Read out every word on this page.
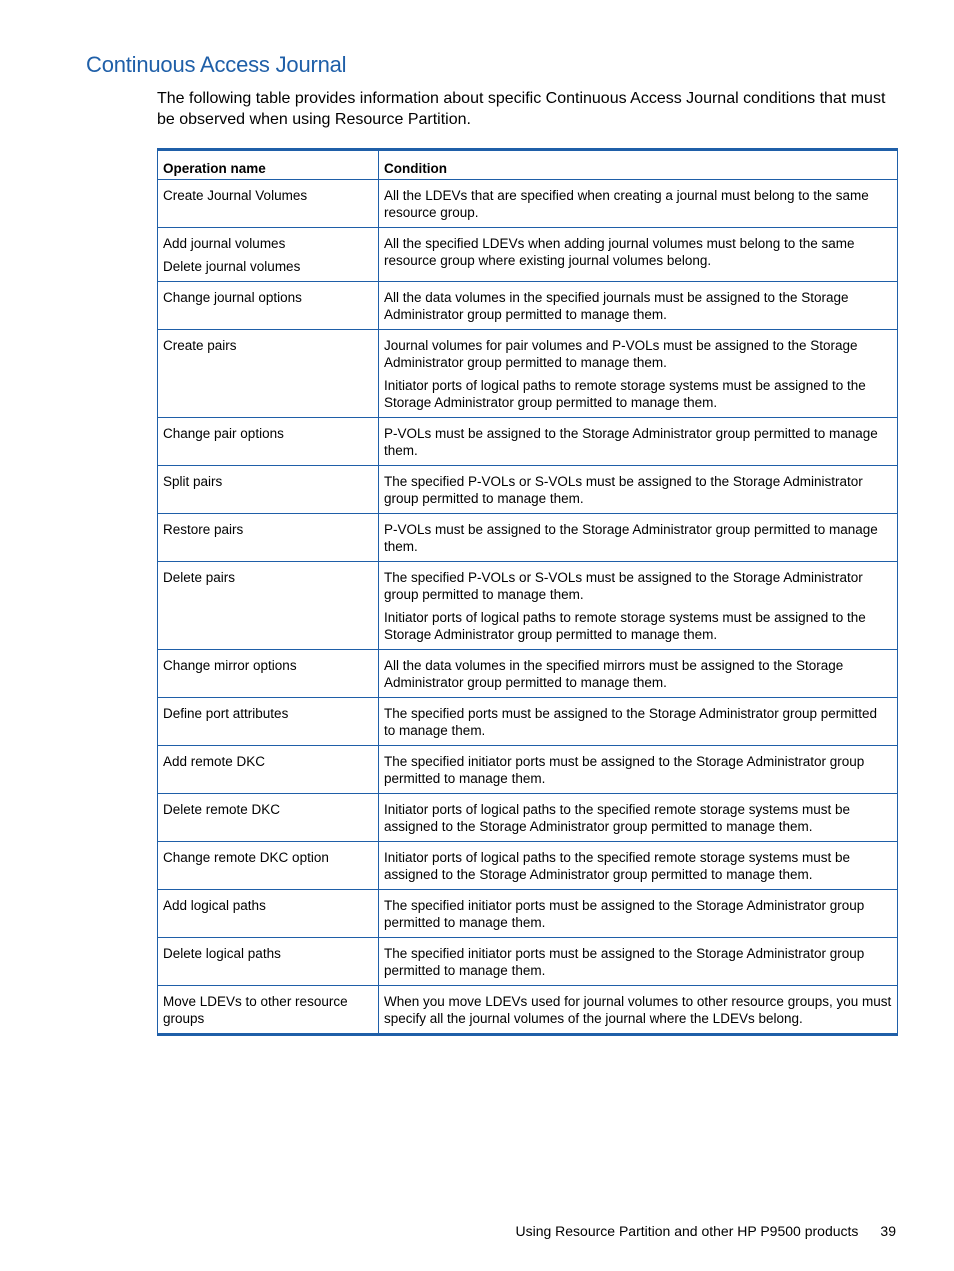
Continuous Access Journal

The following table provides information about specific Continuous Access Journal conditions that must be observed when using Resource Partition.

Operation name	Condition

Create Journal Volumes	All the LDEVs that are specified when creating a journal must belong to the same resource group.

Add journal volumes

Delete journal volumes	All the specified LDEVs when adding journal volumes must belong to the same resource group where existing journal volumes belong.

Change journal options	All the data volumes in the specified journals must be assigned to the Storage Administrator group permitted to manage them.

Create pairs	Journal volumes for pair volumes and P-VOLs must be assigned to the Storage Administrator group permitted to manage them.

Initiator ports of logical paths to remote storage systems must be assigned to the Storage Administrator group permitted to manage them.

Change pair options	P-VOLs must be assigned to the Storage Administrator group permitted to manage them.

Split pairs	The specified P-VOLs or S-VOLs must be assigned to the Storage Administrator group permitted to manage them.

Restore pairs	P-VOLs must be assigned to the Storage Administrator group permitted to manage them.

Delete pairs	The specified P-VOLs or S-VOLs must be assigned to the Storage Administrator group permitted to manage them.

Initiator ports of logical paths to remote storage systems must be assigned to the Storage Administrator group permitted to manage them.

Change mirror options	All the data volumes in the specified mirrors must be assigned to the Storage Administrator group permitted to manage them.

Define port attributes	The specified ports must be assigned to the Storage Administrator group permitted to manage them.

Add remote DKC	The specified initiator ports must be assigned to the Storage Administrator group permitted to manage them.

Delete remote DKC	Initiator ports of logical paths to the specified remote storage systems must be assigned to the Storage Administrator group permitted to manage them.

Change remote DKC option	Initiator ports of logical paths to the specified remote storage systems must be assigned to the Storage Administrator group permitted to manage them.

Add logical paths	The specified initiator ports must be assigned to the Storage Administrator group permitted to manage them.

Delete logical paths	The specified initiator ports must be assigned to the Storage Administrator group permitted to manage them.

Move LDEVs to other resource groups	When you move LDEVs used for journal volumes to other resource groups, you must specify all the journal volumes of the journal where the LDEVs belong.

Using Resource Partition and other HP P9500 products 39
